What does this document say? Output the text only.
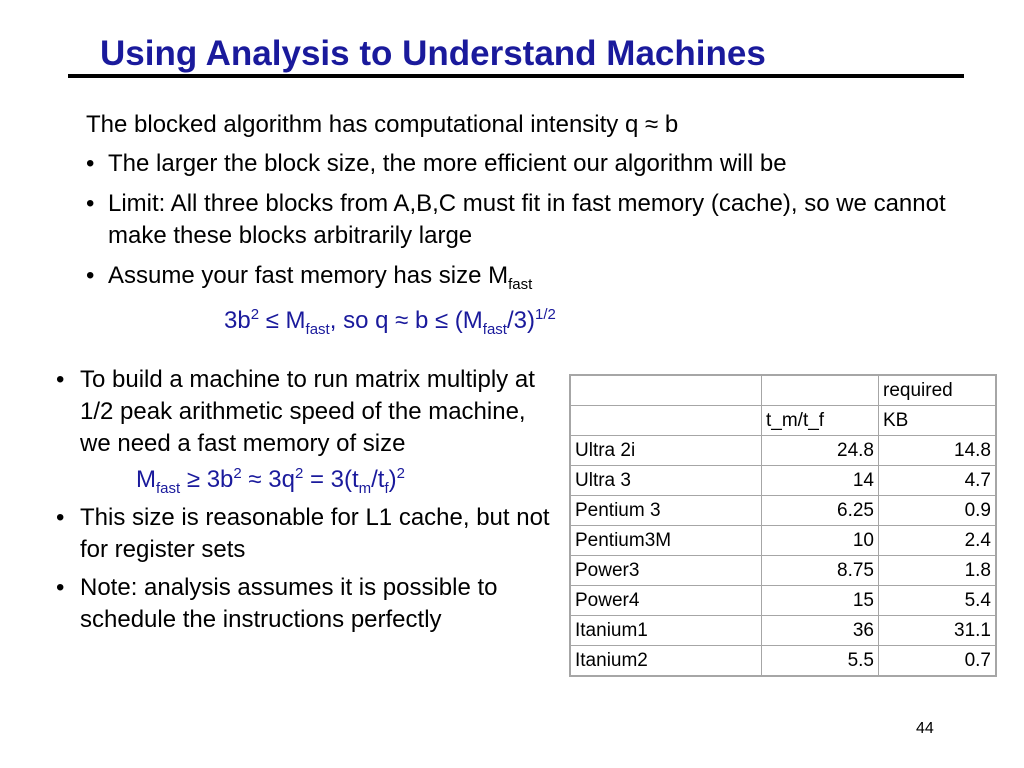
Using Analysis to Understand Machines
The blocked algorithm has computational intensity q ≈ b
• The larger the block size, the more efficient our algorithm will be
• Limit: All three blocks from A,B,C must fit in fast memory (cache), so we cannot make these blocks arbitrarily large
• Assume your fast memory has size $M_{fast}$
$3b^2 \le M_{fast}$, so $q \approx b \le (M_{fast}/3)^{1/2}$
• To build a machine to run matrix multiply at 1/2 peak arithmetic speed of the machine, we need a fast memory of size
$M_{fast} \ge 3b^2 \approx 3q^2 = 3(t_m/t_f)^2$
• This size is reasonable for L1 cache, but not for register sets
• Note: analysis assumes it is possible to schedule the instructions perfectly
		required
	t_m/t_f	KB
Ultra 2i	24.8	14.8
Ultra 3	14	4.7
Pentium 3	6.25	0.9
Pentium3M	10	2.4
Power3	8.75	1.8
Power4	15	5.4
Itanium1	36	31.1
Itanium2	5.5	0.7
44
